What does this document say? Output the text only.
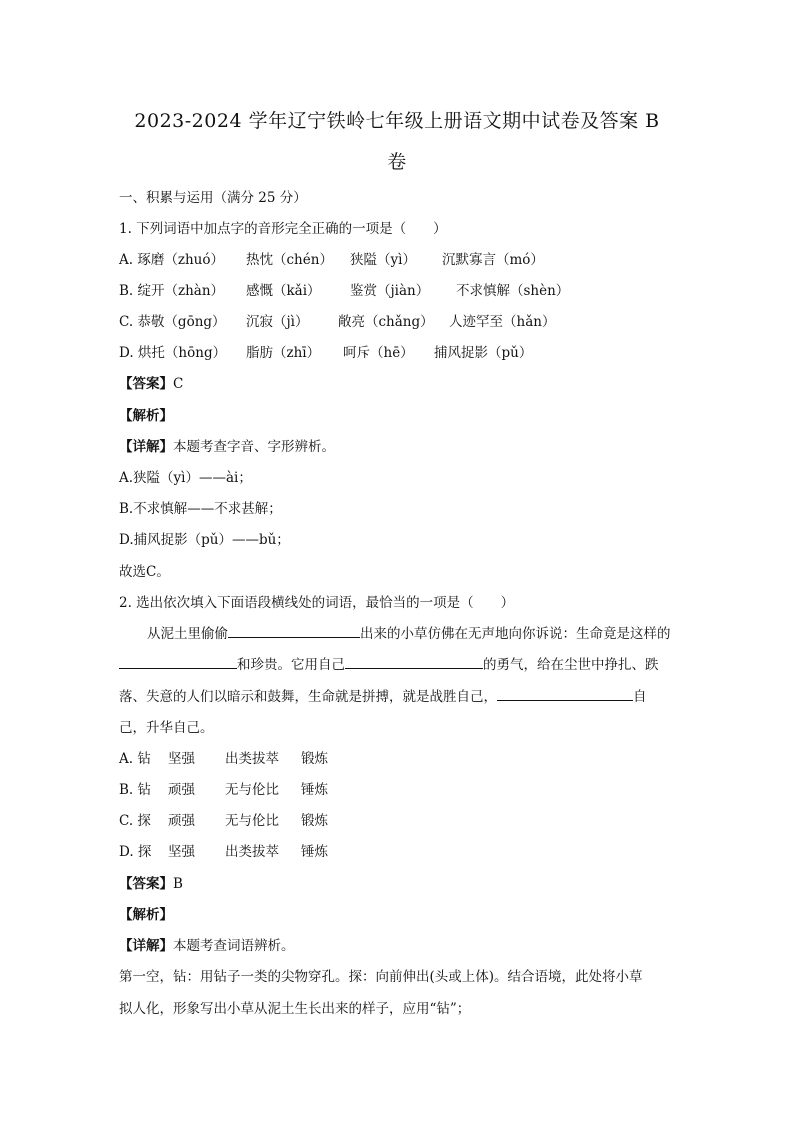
2023-2024 学年辽宁铁岭七年级上册语文期中试卷及答案 B
卷
一、积累与运用（满分 25 分）
1. 下列词语中加点字的音形完全正确的一项是（　　）
A. 琢磨（zhuó） 热忱（chén） 狭隘（yì） 沉默寡言（mó）
B. 绽开（zhàn） 感慨（kǎi） 鉴赏（jiàn） 不求慎解（shèn）
C. 恭敬（gōng） 沉寂（jì） 敞亮（chǎng） 人迹罕至（hǎn）
D. 烘托（hōng） 脂肪（zhī） 呵斥（hē） 捕风捉影（pǔ）
【答案】C
【解析】
【详解】本题考查字音、字形辨析。
A.狭隘（yì）——ài；
B.不求慎解——不求甚解；
D.捕风捉影（pǔ）——bǔ；
故选C。
2. 选出依次填入下面语段横线处的词语，最恰当的一项是（　　）
从泥土里偷偷	出来的小草仿佛在无声地向你诉说：生命竟是这样的
和珍贵。它用自己	的勇气，给在尘世中挣扎、跌
落、失意的人们以暗示和鼓舞，生命就是拼搏，就是战胜自己，	自
己，升华自己。
A. 钻 坚强 出类拔萃 锻炼
B. 钻 顽强 无与伦比 锤炼
C. 探 顽强 无与伦比 锻炼
D. 探 坚强 出类拔萃 锤炼
【答案】B
【解析】
【详解】本题考查词语辨析。
第一空，钻：用钻子一类的尖物穿孔。探：向前伸出(头或上体)。结合语境，此处将小草
拟人化，形象写出小草从泥土生长出来的样子，应用“钻”；
